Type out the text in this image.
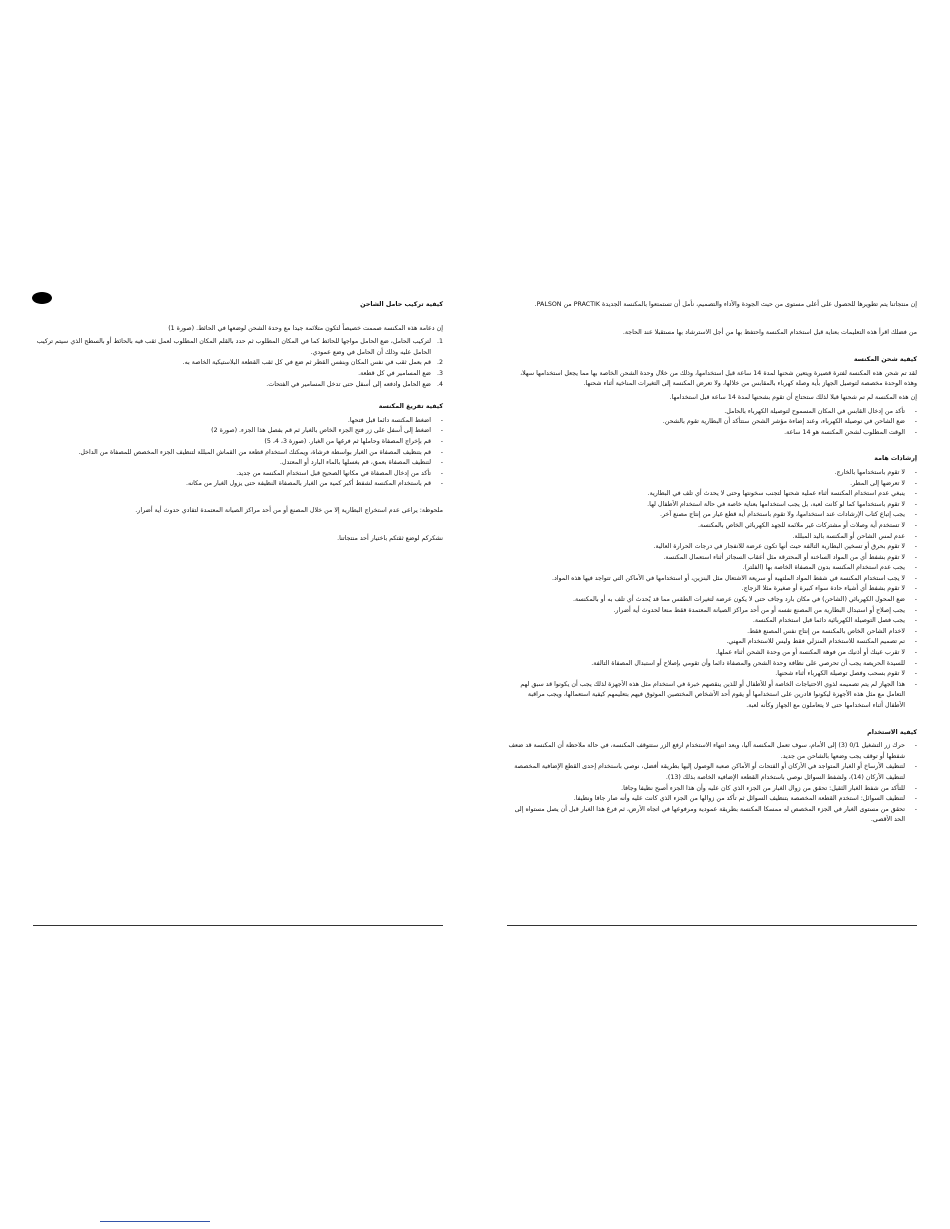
كيفية تركيب حامل الشاحن
إن دعامة هذه المكنسة صممت خصيصاً لتكون متلائمة جيدا مع وحدة الشحن لوضعها في الحائط. (صورة 1)
1.
لتركيب الحامل، ضع الحامل مواجها للحائط كما في المكان المطلوب ثم حدد بالقلم المكان المطلوب لعمل ثقب فيه بالحائط أو بالسطح الذي سيتم تركيب الحامل عليه وذلك أن الحامل في وضع عمودي.
2.
قم بعمل ثقب في نفس المكان وبنفس القطر ثم ضع في كل ثقب القطعة البلاستيكية الخاصة به.
3.
ضع المسامير في كل قطعة.
4.
ضع الحامل وادفعه إلى أسفل حتى تدخل المسامير في الفتحات.
كيفية تفريغ المكنسة
- اضغط المكنسة دائما قبل فتحها.
- اضغط إلى أسفل على زر فتح الجزء الخاص بالغبار ثم قم بفصل هذا الجزء. (صورة 2)
- قم بإخراج المصفاة وحاملها ثم فرغها من الغبار. (صورة 3، 4، 5)
- قم بتنظيف المصفاة من الغبار بواسطة فرشاة، ويمكنك استخدام قطعة من القماش المبللة لتنظيف الجزء المخصص للمصفاة من الداخل.
- لتنظيف المصفاة بعمق، قم بغسلها بالماء البارد أو المعتدل.
- تأكد من إدخال المصفاة في مكانها الصحيح قبل استخدام المكنسة من جديد.
- قم باستخدام المكنسة لشفط أكبر كمية من الغبار بالمصفاة النظيفة حتى يزول الغبار من مكانه.
ملحوظة: يراعى عدم استخراج البطارية إلا من خلال المصنع أو من أحد مراكز الصيانة المعتمدة لتفادي حدوث أية أضرار.
نشكركم لوضع ثقتكم باختيار أحد منتجاتنا.
إن منتجاتنا يتم تطويرها للحصول على أعلى مستوى من حيث الجودة والأداء والتصميم، نأمل أن تستمتعوا بالمكنسة الجديدة PRACTIK من PALSON.
من فضلك اقرأ هذه التعليمات بعناية قبل استخدام المكنسة واحتفظ بها من أجل الاسترشاد بها مستقبلا عند الحاجة.
كيفية شحن المكنسة
لقد تم شحن هذه المكنسة لفترة قصيرة ويتعين شحنها لمدة 14 ساعة قبل استخدامها، وذلك من خلال وحدة الشحن الخاصة بها مما يجعل استخدامها سهلا، وهذه الوحدة مخصصة لتوصيل الجهاز بأية وصلة كهرباء بالمقابس من خلالها، ولا تعرض المكنسة إلى التغيرات المناخية أثناء شحنها.
إن هذه المكنسة لم تم شحنها قبلا لذلك ستحتاج أن تقوم بشحنها لمدة 14 ساعة قبل استخدامها.
- تأكد من إدخال القابس في المكان المسموح لتوصيلة الكهرباء بالحامل.
- ضع الشاحن في توصيلة الكهرباء، وعند إضاءة مؤشر الشحن ستتأكد أن البطارية تقوم بالشحن.
- الوقت المطلوب لشحن المكنسة هو 14 ساعة.
إرشادات هامة
- لا تقوم باستخدامها بالخارج.
- لا تعرضها إلى المطر.
- ينبغي عدم استخدام المكنسة أثناء عملية شحنها لتجنب سخونتها وحتى لا يحدث أي تلف في البطارية.
- لا تقوم باستخدامها كما لو كانت لعبة، بل يجب استخدامها بعناية خاصة في حالة استخدام الأطفال لها.
- يجب إتباع كتاب الإرشادات عند استخدامها، ولا تقوم باستخدام أية قطع غيار من إنتاج مصنع آخر.
- لا تستخدم أية وصلات أو مشتركات غير ملائمة للجهد الكهربائي الخاص بالمكنسة.
- عدم لمس الشاحن أو المكنسة باليد المبللة.
- لا تقوم بحرق أو تسخين البطارية التالفة حيث أنها تكون عرضة للانفجار في درجات الحرارة العالية.
- لا تقوم بشفط أي من المواد الساخنة أو المحترقة مثل أعقاب السجائر أثناء استعمال المكنسة.
- يجب عدم استخدام المكنسة بدون المصفاة الخاصة بها (الفلتر).
- لا يجب استخدام المكنسة في شفط المواد الملتهبة أو سريعة الاشتعال مثل البنزين، أو استخدامها في الأماكن التي تتواجد فيها هذه المواد.
- لا تقوم بشفط أي أشياء حادة سواء كبيرة أو صغيرة مثلا الزجاج.
- ضع المحول الكهربائي (الشاحن) في مكان بارد وجاف حتى لا يكون عرضة لتغيرات الطقس مما قد يُحدث أي تلف به أو بالمكنسة.
- يجب إصلاح أو استبدال البطارية من المصنع نفسه أو من أحد مراكز الصيانة المعتمدة فقط منعا لحدوث أية أضرار.
- يجب فصل التوصيلة الكهربائية دائما قبل استخدام المكنسة.
- لاخدام الشاحن الخاص بالمكنسة من إنتاج نفس المصنع فقط.
- تم تصميم المكنسة للاستخدام المنزلي فقط وليس للاستخدام المهني.
- لا تقرب عينك أو أذنيك من فوهة المكنسة أو من وحدة الشحن أثناء عملها.
- للسيدة الحريصة يجب أن تحرصي على نظافة وحدة الشحن والمصفاة دائما وأن تقومي بإصلاح أو استبدال المصفاة التالفة.
- لا تقوم بسحب وفصل توصيلة الكهرباء أثناء شحنها.
- هذا الجهاز لم يتم تصميمه لذوي الاحتياجات الخاصة أو للأطفال أو للذين ينقصهم خبرة في استخدام مثل هذه الأجهزة لذلك يجب أن يكونوا قد سبق لهم التعامل مع مثل هذه الأجهزة ليكونوا قادرين على استخدامها أو يقوم أحد الأشخاص المختصين الموثوق فيهم بتعليمهم كيفية استعمالها، ويجب مراقبة الأطفال أثناء استخدامها حتى لا يتعاملون مع الجهاز وكأنه لعبة.
كيفية الاستخدام
- حرك زر التشغيل 0/1 (3) إلى الأمام، سوف تعمل المكنسة آليا، وبعد انتهاء الاستخدام ارفع الزر ستتوقف المكنسة، في حالة ملاحظة أن المكنسة قد ضعف شفطها أو توقف يجب وضعها بالشاحن من جديد.
- لتنظيف الأرساخ أو الغبار المتواجد في الأركان أو الفتحات أو الأماكن صعبة الوصول إليها بطريقة أفضل، نوصي باستخدام إحدى القطع الإضافية المخصصة لتنظيف الأركان (14)، ولشفط السوائل نوصي باستخدام القطعة الإضافية الخاصة بذلك (13).
- للتأكد من شفط الغبار الثقيل: تحقق من زوال الغبار من الجزء الذي كان عليه وأن هذا الجزء أصبح نظيفا وجافا.
- لتنظيف السوائل: استخدم القطعة المخصصة بتنظيف السوائل ثم تأكد من زوالها من الجزء الذي كانت عليه وأنه صار جافا ونظيفا.
- تحقق من مستوى الغبار في الجزء المخصص له ممسكا المكنسة بطريقة عمودية ومرفوعها في اتجاه الأرض، ثم فرغ هذا الغبار قبل أن يصل مستواه إلى الحد الأقصى.
